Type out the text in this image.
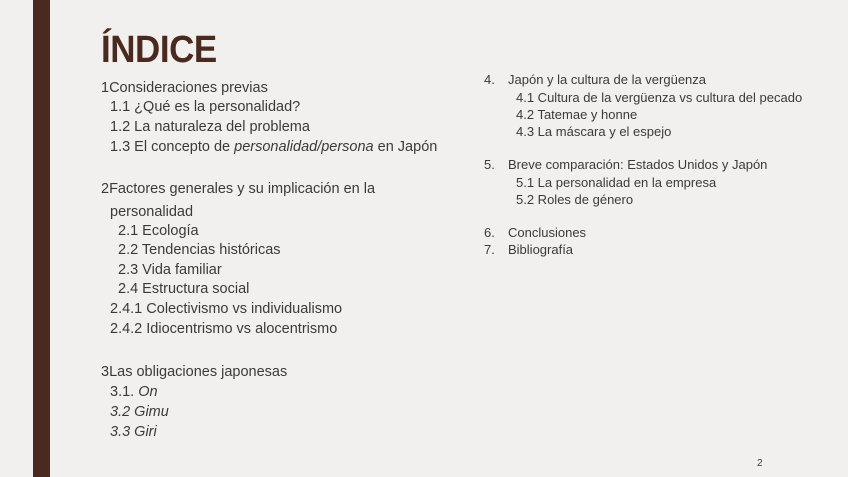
ÍNDICE
1Consideraciones previas
1.1 ¿Qué es la personalidad?
1.2 La naturaleza del problema
1.3 El concepto de personalidad/persona en Japón
2Factores generales y su implicación en la
personalidad
2.1 Ecología
2.2 Tendencias históricas
2.3 Vida familiar
2.4 Estructura social
2.4.1 Colectivismo vs individualismo
2.4.2 Idiocentrismo vs alocentrismo
3Las obligaciones japonesas
3.1. On
3.2 Gimu
3.3 Giri
4. Japón y la cultura de la vergüenza
4.1 Cultura de la vergüenza vs cultura del pecado
4.2 Tatemae y honne
4.3 La máscara y el espejo
5. Breve comparación: Estados Unidos y Japón
5.1 La personalidad en la empresa
5.2 Roles de género
6. Conclusiones
7. Bibliografía
2
